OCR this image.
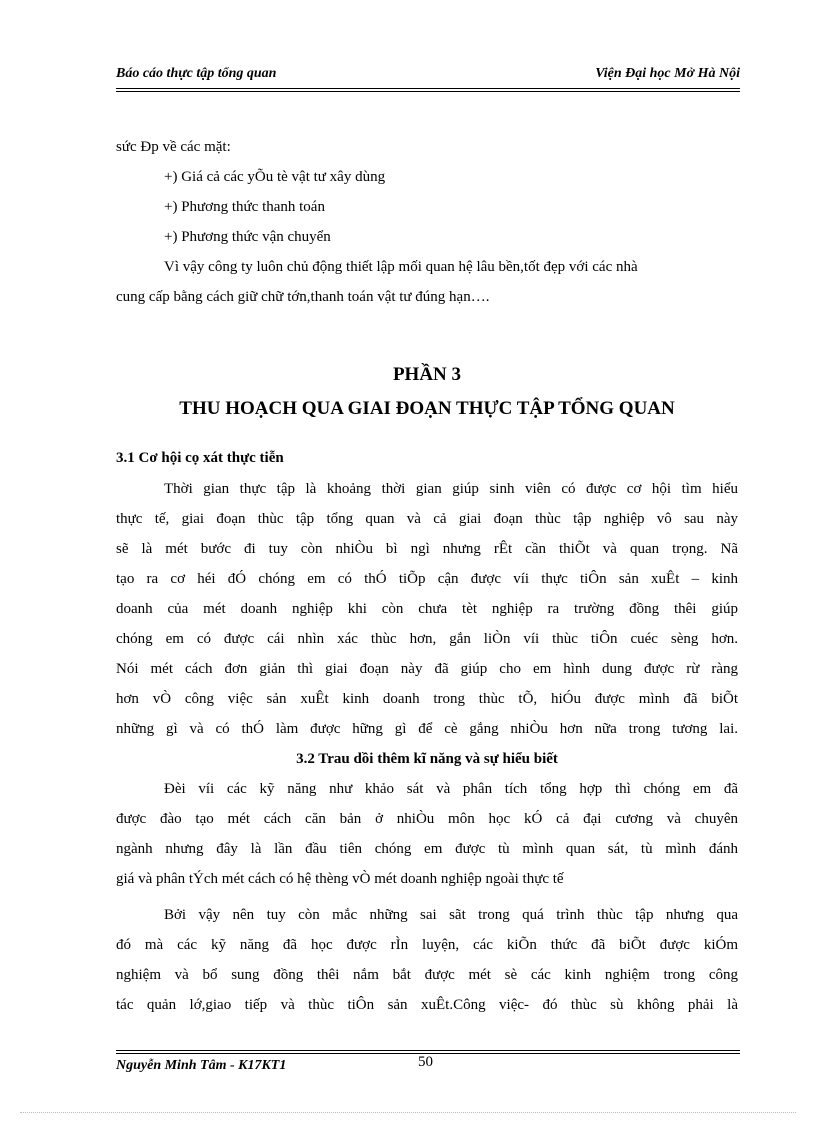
Báo cáo thực tập tổng quan	Viện Đại học Mở Hà Nội
sức Ðp về các mặt:
+) Giá cả các yÕu tè vật tư xây dùng
+) Phương thức thanh toán
+) Phương thức vận chuyển
Vì vậy công ty luôn chủ động thiết lập mối quan hệ lâu bền,tốt đẹp với các nhà
cung cấp bằng cách giữ chữ tớn,thanh toán vật tư đúng hạn….
PHẦN 3
THU HOẠCH QUA GIAI ĐOẠN THỰC TẬP TỔNG QUAN
3.1 Cơ hội cọ xát thực tiễn
Thời gian thực tập là khoảng thời gian giúp sinh viên có được cơ hội tìm hiểu
thực tế, giai đoạn thùc tập tổng quan và cả giai đoạn thùc tập nghiệp vô sau này
sẽ là mét bước đi tuy còn nhiÒu bì ngì nhưng rÊt cần thiÕt và quan trọng. Nã
tạo ra cơ héi đÓ chóng em có thÓ tiÕp cận được víi thực tiÔn sản xuÊt – kinh
doanh của mét doanh nghiệp khi còn chưa tèt nghiệp ra trường đồng thêi giúp
chóng em có được cái nhìn xác thùc hơn, gắn liÒn víi thùc tiÔn cuéc sèng hơn.
Nói mét cách đơn giản thì giai đoạn này đã giúp cho em hình dung được rừ ràng
hơn vÒ công việc sản xuÊt kinh doanh trong thùc tÕ, hiÓu được mình đã biÕt
những gì và có thÓ làm được hững gì để cè gắng nhiÒu hơn nữa trong tương lai.
3.2 Trau dồi thêm kĩ năng và sự hiểu biết
Đèi víi các kỹ năng như khảo sát và phân tích tổng hợp thì chóng em đã
được đào tạo mét cách căn bản ở nhiÒu môn học kÓ cả đại cương và chuyên
ngành nhưng đây là lần đầu tiên chóng em được tù mình quan sát, tù mình đánh
giá và phân tÝch mét cách có hệ thèng vÒ mét doanh nghiệp ngoài thực tế
Bởi vậy nên tuy còn mắc những sai sãt trong quá trình thùc tập nhưng qua
đó mà các kỹ năng đã học được rÌn luyện, các kiÕn thức đã biÕt được kiÓm
nghiệm và bổ sung đồng thêi nắm bắt được mét sè các kinh nghiệm trong công
tác quản lớ,giao tiếp và thùc tiÔn sản xuÊt.Công việc- đó thùc sù không phải là
Nguyễn Minh Tâm - K17KT1	50
